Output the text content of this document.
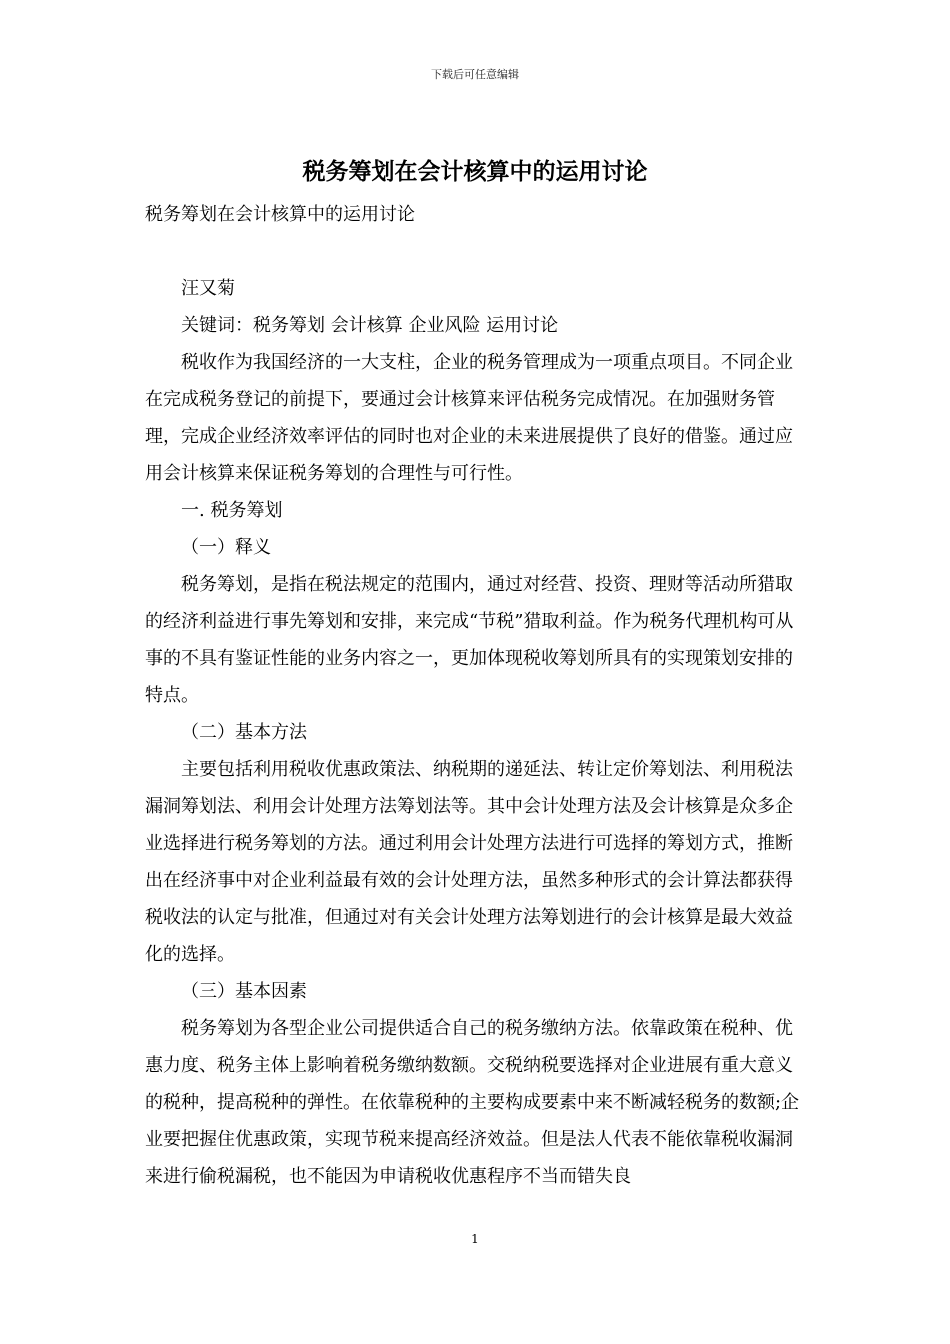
下载后可任意编辑
税务筹划在会计核算中的运用讨论

税务筹划在会计核算中的运用讨论

汪又菊

关键词：税务筹划 会计核算 企业风险 运用讨论

税收作为我国经济的一大支柱，企业的税务管理成为一项重点项目。不同企业在完成税务登记的前提下，要通过会计核算来评估税务完成情况。在加强财务管理，完成企业经济效率评估的同时也对企业的未来进展提供了良好的借鉴。通过应用会计核算来保证税务筹划的合理性与可行性。

一. 税务筹划

（一）释义

税务筹划，是指在税法规定的范围内，通过对经营、投资、理财等活动所猎取的经济利益进行事先筹划和安排，来完成“节税”猎取利益。作为税务代理机构可从事的不具有鉴证性能的业务内容之一，更加体现税收筹划所具有的实现策划安排的特点。

（二）基本方法

主要包括利用税收优惠政策法、纳税期的递延法、转让定价筹划法、利用税法漏洞筹划法、利用会计处理方法筹划法等。其中会计处理方法及会计核算是众多企业选择进行税务筹划的方法。通过利用会计处理方法进行可选择的筹划方式，推断出在经济事中对企业利益最有效的会计处理方法，虽然多种形式的会计算法都获得税收法的认定与批准，但通过对有关会计处理方法筹划进行的会计核算是最大效益化的选择。

（三）基本因素

税务筹划为各型企业公司提供适合自己的税务缴纳方法。依靠政策在税种、优惠力度、税务主体上影响着税务缴纳数额。交税纳税要选择对企业进展有重大意义的税种，提高税种的弹性。在依靠税种的主要构成要素中来不断减轻税务的数额;企业要把握住优惠政策，实现节税来提高经济效益。但是法人代表不能依靠税收漏洞来进行偷税漏税，也不能因为申请税收优惠程序不当而错失良

1
